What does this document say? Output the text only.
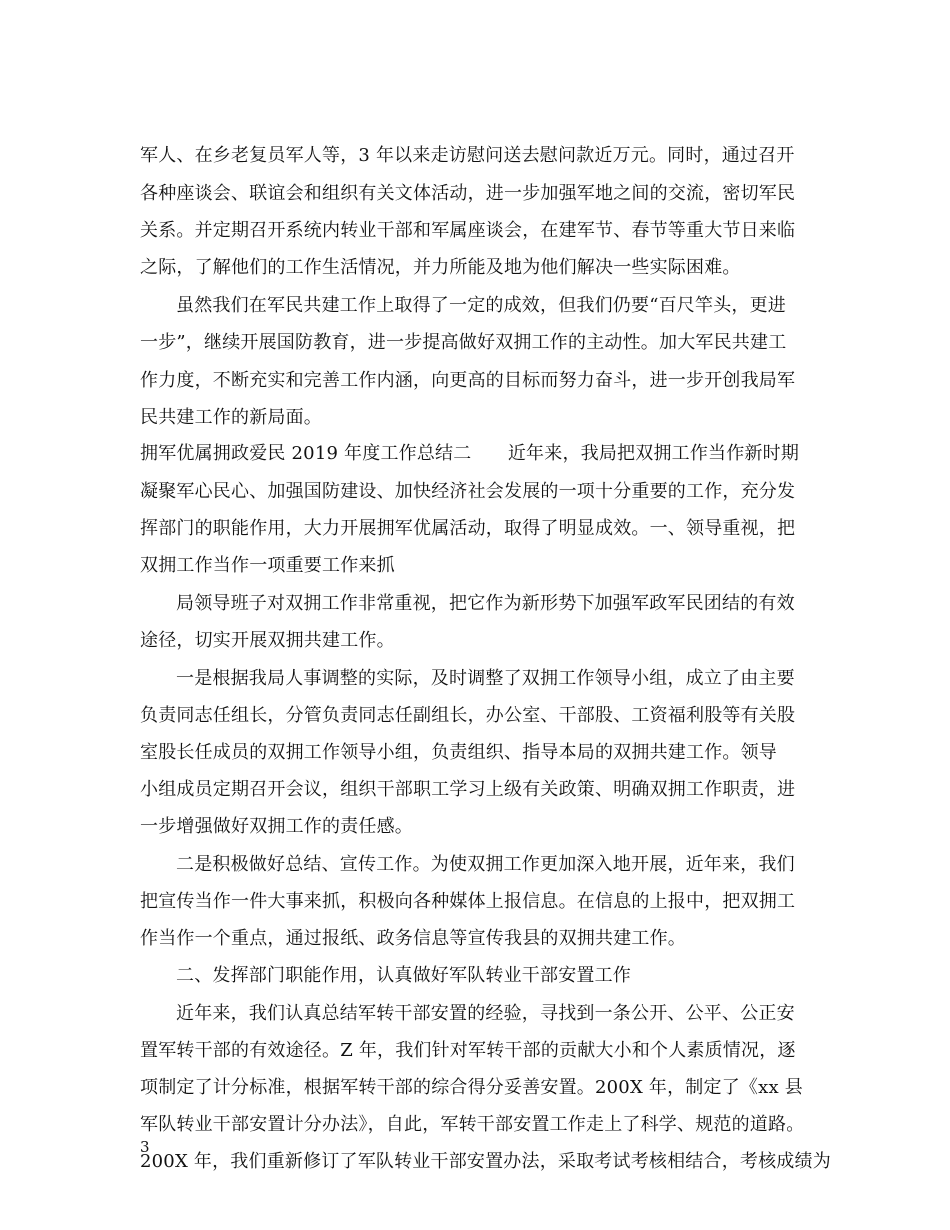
军人、在乡老复员军人等，3 年以来走访慰问送去慰问款近万元。同时，通过召开
各种座谈会、联谊会和组织有关文体活动，进一步加强军地之间的交流，密切军民
关系。并定期召开系统内转业干部和军属座谈会，在建军节、春节等重大节日来临
之际，了解他们的工作生活情况，并力所能及地为他们解决一些实际困难。
虽然我们在军民共建工作上取得了一定的成效，但我们仍要“百尺竿头，更进
一步”，继续开展国防教育，进一步提高做好双拥工作的主动性。加大军民共建工
作力度，不断充实和完善工作内涵，向更高的目标而努力奋斗，进一步开创我局军
民共建工作的新局面。
拥军优属拥政爱民 2019 年度工作总结二　　近年来，我局把双拥工作当作新时期
凝聚军心民心、加强国防建设、加快经济社会发展的一项十分重要的工作，充分发
挥部门的职能作用，大力开展拥军优属活动，取得了明显成效。一、领导重视，把
双拥工作当作一项重要工作来抓
局领导班子对双拥工作非常重视，把它作为新形势下加强军政军民团结的有效
途径，切实开展双拥共建工作。
一是根据我局人事调整的实际，及时调整了双拥工作领导小组，成立了由主要
负责同志任组长，分管负责同志任副组长，办公室、干部股、工资福利股等有关股
室股长任成员的双拥工作领导小组，负责组织、指导本局的双拥共建工作。领导
小组成员定期召开会议，组织干部职工学习上级有关政策、明确双拥工作职责，进
一步增强做好双拥工作的责任感。
二是积极做好总结、宣传工作。为使双拥工作更加深入地开展，近年来，我们
把宣传当作一件大事来抓，积极向各种媒体上报信息。在信息的上报中，把双拥工
作当作一个重点，通过报纸、政务信息等宣传我县的双拥共建工作。
二、发挥部门职能作用，认真做好军队转业干部安置工作
近年来，我们认真总结军转干部安置的经验，寻找到一条公开、公平、公正安
置军转干部的有效途径。Z 年，我们针对军转干部的贡献大小和个人素质情况，逐
项制定了计分标准，根据军转干部的综合得分妥善安置。200X 年，制定了《xx 县
军队转业干部安置计分办法》，自此，军转干部安置工作走上了科学、规范的道路。
200X 年，我们重新修订了军队转业干部安置办法，采取考试考核相结合，考核成绩为
3
